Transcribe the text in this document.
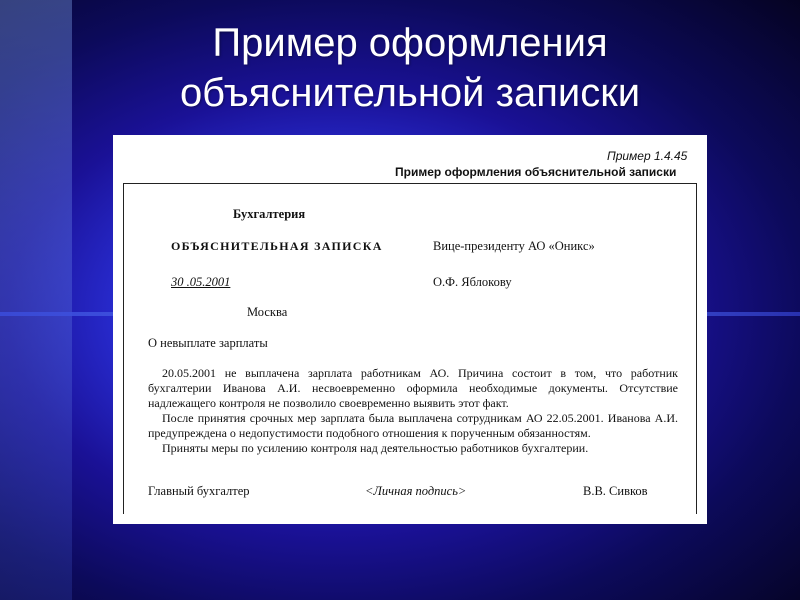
Пример оформления
объяснительной записки
Пример 1.4.45
Пример оформления объяснительной записки
Бухгалтерия
ОБЪЯСНИТЕЛЬНАЯ ЗАПИСКА	Вице-президенту АО «Оникс»
30 .05.2001	О.Ф. Яблокову
Москва
О невыплате зарплаты

20.05.2001 не выплачена зарплата работникам АО. Причина состоит в том, что работник бухгалтерии Иванова А.И. несвоевременно оформила необходимые документы. Отсутствие надлежащего контроля не позволило своевременно выявить этот факт.

После принятия срочных мер зарплата была выплачена сотрудникам АО 22.05.2001. Иванова А.И. предупреждена о недопустимости подобного отношения к порученным обязанностям.

Приняты меры по усилению контроля над деятельностью работников бухгалтерии.

Главный бухгалтер	<Личная подпись>	В.В. Сивков
